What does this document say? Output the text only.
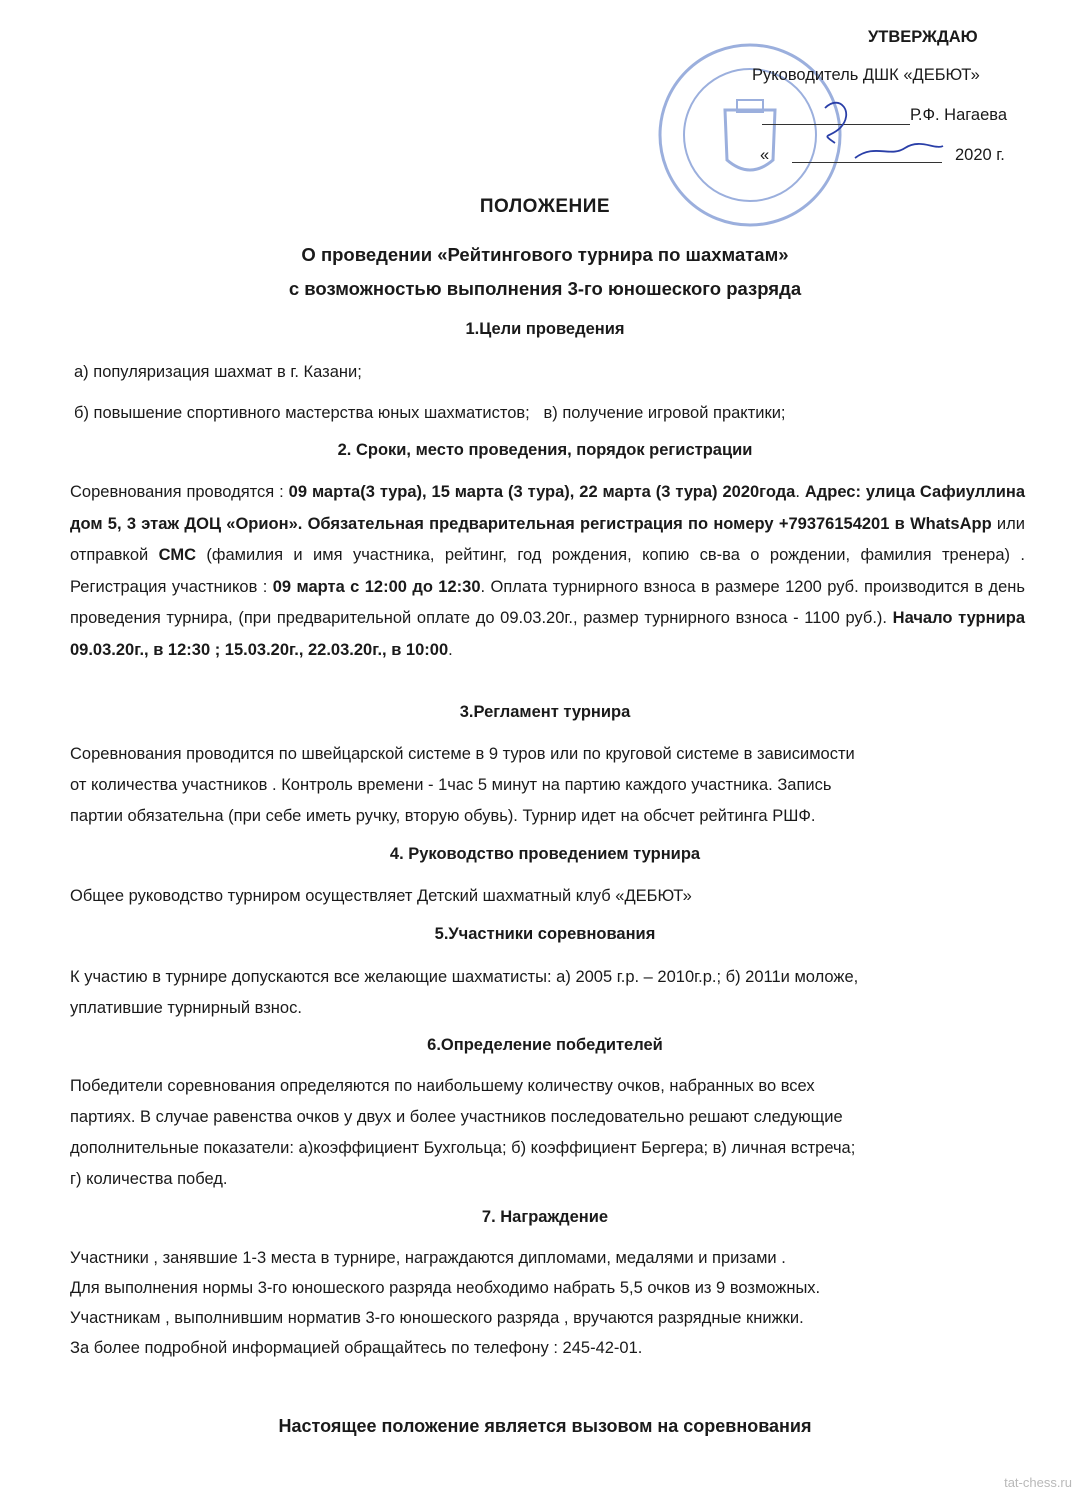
УТВЕРЖДАЮ
Руководитель ДШК «ДЕБЮТ»
Р.Ф. Нагаева
«	2020 г.
ПОЛОЖЕНИЕ
О проведении «Рейтингового турнира по шахматам»
с возможностью выполнения 3-го юношеского разряда
1.Цели проведения
а) популяризация шахмат в г. Казани;
б) повышение спортивного мастерства юных шахматистов; в) получение игровой практики;
2. Сроки, место проведения, порядок регистрации
Соревнования проводятся : 09 марта(3 тура), 15 марта (3 тура), 22 марта (3 тура) 2020года. Адрес: улица Сафиуллина дом 5, 3 этаж ДОЦ «Орион». Обязательная предварительная регистрация по номеру +79376154201 в WhatsApp или отправкой СМС (фамилия и имя участника, рейтинг, год рождения, копию св-ва о рождении, фамилия тренера) . Регистрация участников : 09 марта с 12:00 до 12:30. Оплата турнирного взноса в размере 1200 руб. производится в день проведения турнира, (при предварительной оплате до 09.03.20г., размер турнирного взноса - 1100 руб.). Начало турнира 09.03.20г., в 12:30 ; 15.03.20г., 22.03.20г., в 10:00.
3.Регламент турнира
Соревнования проводится по швейцарской системе в 9 туров или по круговой системе в зависимости
от количества участников . Контроль времени - 1час 5 минут на партию каждого участника. Запись
партии обязательна (при себе иметь ручку, вторую обувь). Турнир идет на обсчет рейтинга РШФ.
4. Руководство проведением турнира
Общее руководство турниром осуществляет Детский шахматный клуб «ДЕБЮТ»
5.Участники соревнования
К участию в турнире допускаются все желающие шахматисты: а) 2005 г.р. – 2010г.р.; б) 2011и моложе,
уплатившие турнирный взнос.
6.Определение победителей
Победители соревнования определяются по наибольшему количеству очков, набранных во всех
партиях. В случае равенства очков у двух и более участников последовательно решают следующие
дополнительные показатели: а)коэффициент Бухгольца; б) коэффициент Бергера; в) личная встреча;
г) количества побед.
7. Награждение
Участники , занявшие 1-3 места в турнире, награждаются дипломами, медалями и призами .
Для выполнения нормы 3-го юношеского разряда необходимо набрать 5,5 очков из 9 возможных.
Участникам , выполнившим норматив 3-го юношеского разряда , вручаются разрядные книжки.
За более подробной информацией обращайтесь по телефону : 245-42-01.
Настоящее положение является вызовом на соревнования
tat-chess.ru
